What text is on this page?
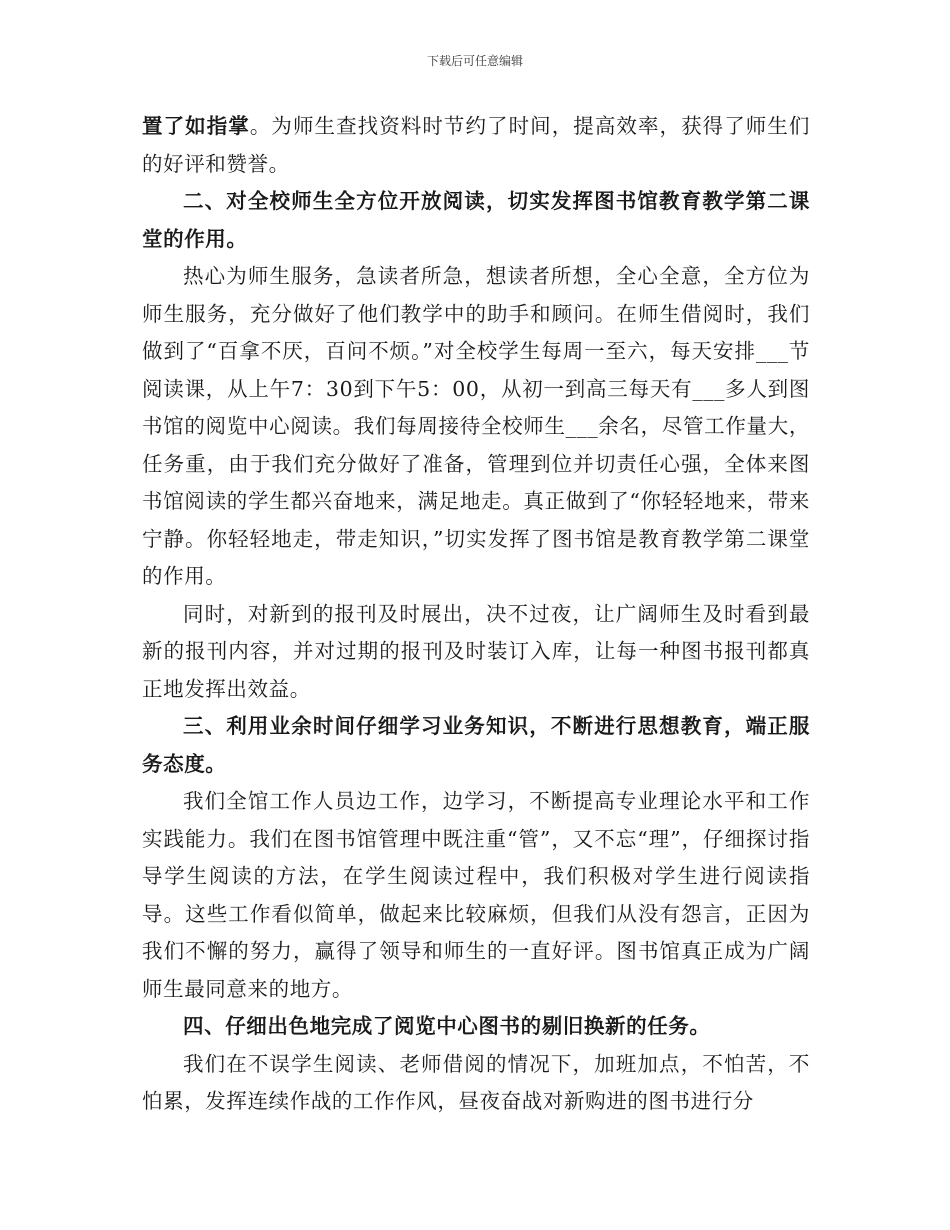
下载后可任意编辑

置了如指掌。为师生查找资料时节约了时间，提高效率，获得了师生们的好评和赞誉。

二、对全校师生全方位开放阅读，切实发挥图书馆教育教学第二课堂的作用。

热心为师生服务，急读者所急，想读者所想，全心全意，全方位为师生服务，充分做好了他们教学中的助手和顾问。在师生借阅时，我们做到了“百拿不厌，百问不烦。”对全校学生每周一至六，每天安排___节阅读课，从上午7：30到下午5：00，从初一到高三每天有___多人到图书馆的阅览中心阅读。我们每周接待全校师生___余名，尽管工作量大，任务重，由于我们充分做好了准备，管理到位并切责任心强，全体来图书馆阅读的学生都兴奋地来，满足地走。真正做到了“你轻轻地来，带来宁静。你轻轻地走，带走知识，”切实发挥了图书馆是教育教学第二课堂的作用。

同时，对新到的报刊及时展出，决不过夜，让广阔师生及时看到最新的报刊内容，并对过期的报刊及时装订入库，让每一种图书报刊都真正地发挥出效益。

三、利用业余时间仔细学习业务知识，不断进行思想教育，端正服务态度。

我们全馆工作人员边工作，边学习，不断提高专业理论水平和工作实践能力。我们在图书馆管理中既注重“管”，又不忘“理”，仔细探讨指导学生阅读的方法，在学生阅读过程中，我们积极对学生进行阅读指导。这些工作看似简单，做起来比较麻烦，但我们从没有怨言，正因为我们不懈的努力，赢得了领导和师生的一直好评。图书馆真正成为广阔师生最同意来的地方。

四、仔细出色地完成了阅览中心图书的剔旧换新的任务。

我们在不误学生阅读、老师借阅的情况下，加班加点，不怕苦，不怕累，发挥连续作战的工作作风，昼夜奋战对新购进的图书进行分
